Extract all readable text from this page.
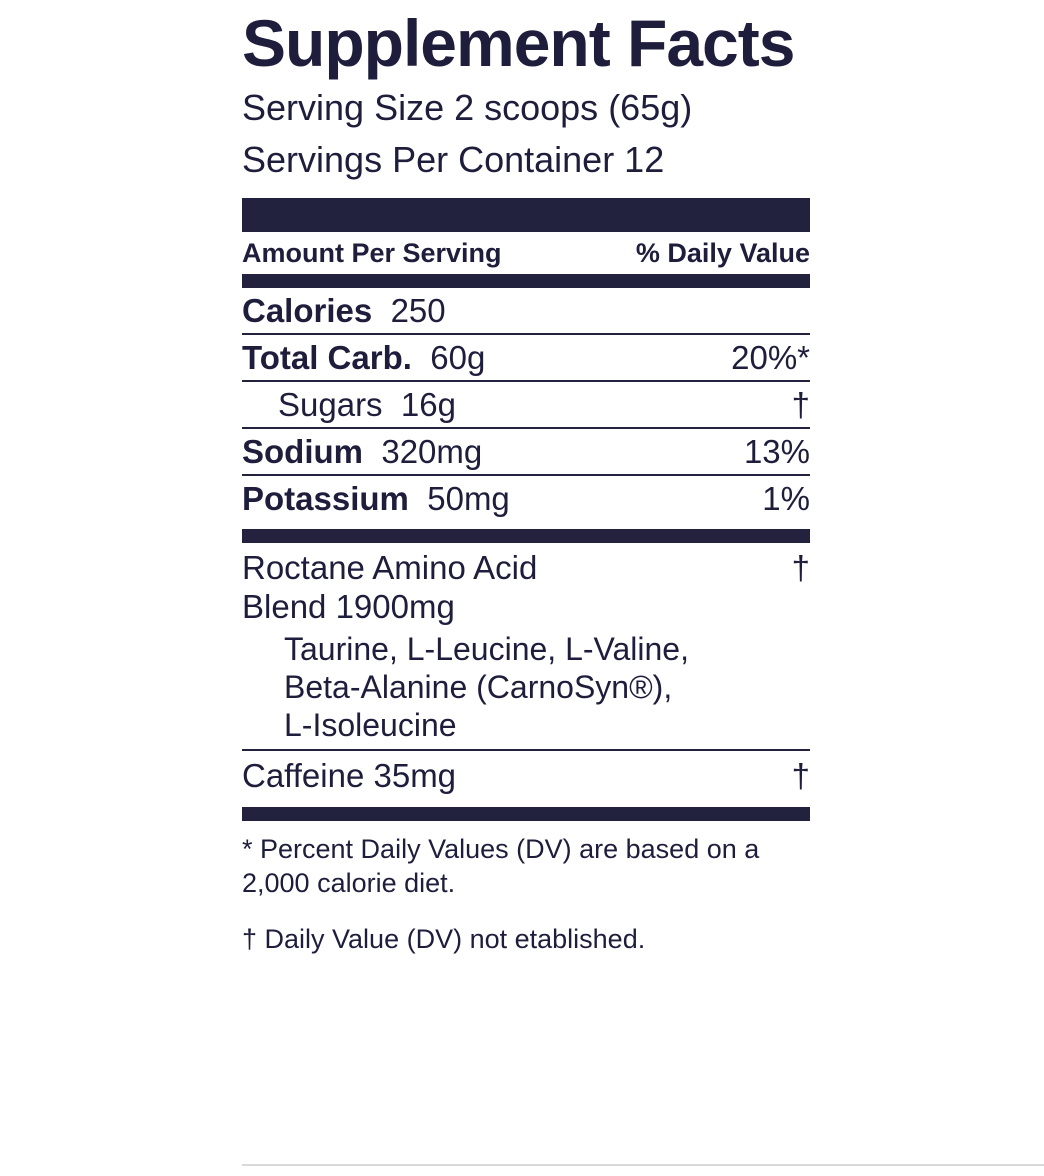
Supplement Facts
Serving Size 2 scoops (65g)
Servings Per Container 12
Amount Per Serving	% Daily Value
Calories 250
Total Carb. 60g	20%*
Sugars 16g	†
Sodium 320mg	13%
Potassium 50mg	1%
Roctane Amino Acid	†
Blend 1900mg
Taurine, L-Leucine, L-Valine,
Beta-Alanine (CarnoSyn®),
L-Isoleucine
Caffeine 35mg	†
* Percent Daily Values (DV) are based on a
2,000 calorie diet.
† Daily Value (DV) not etablished.
